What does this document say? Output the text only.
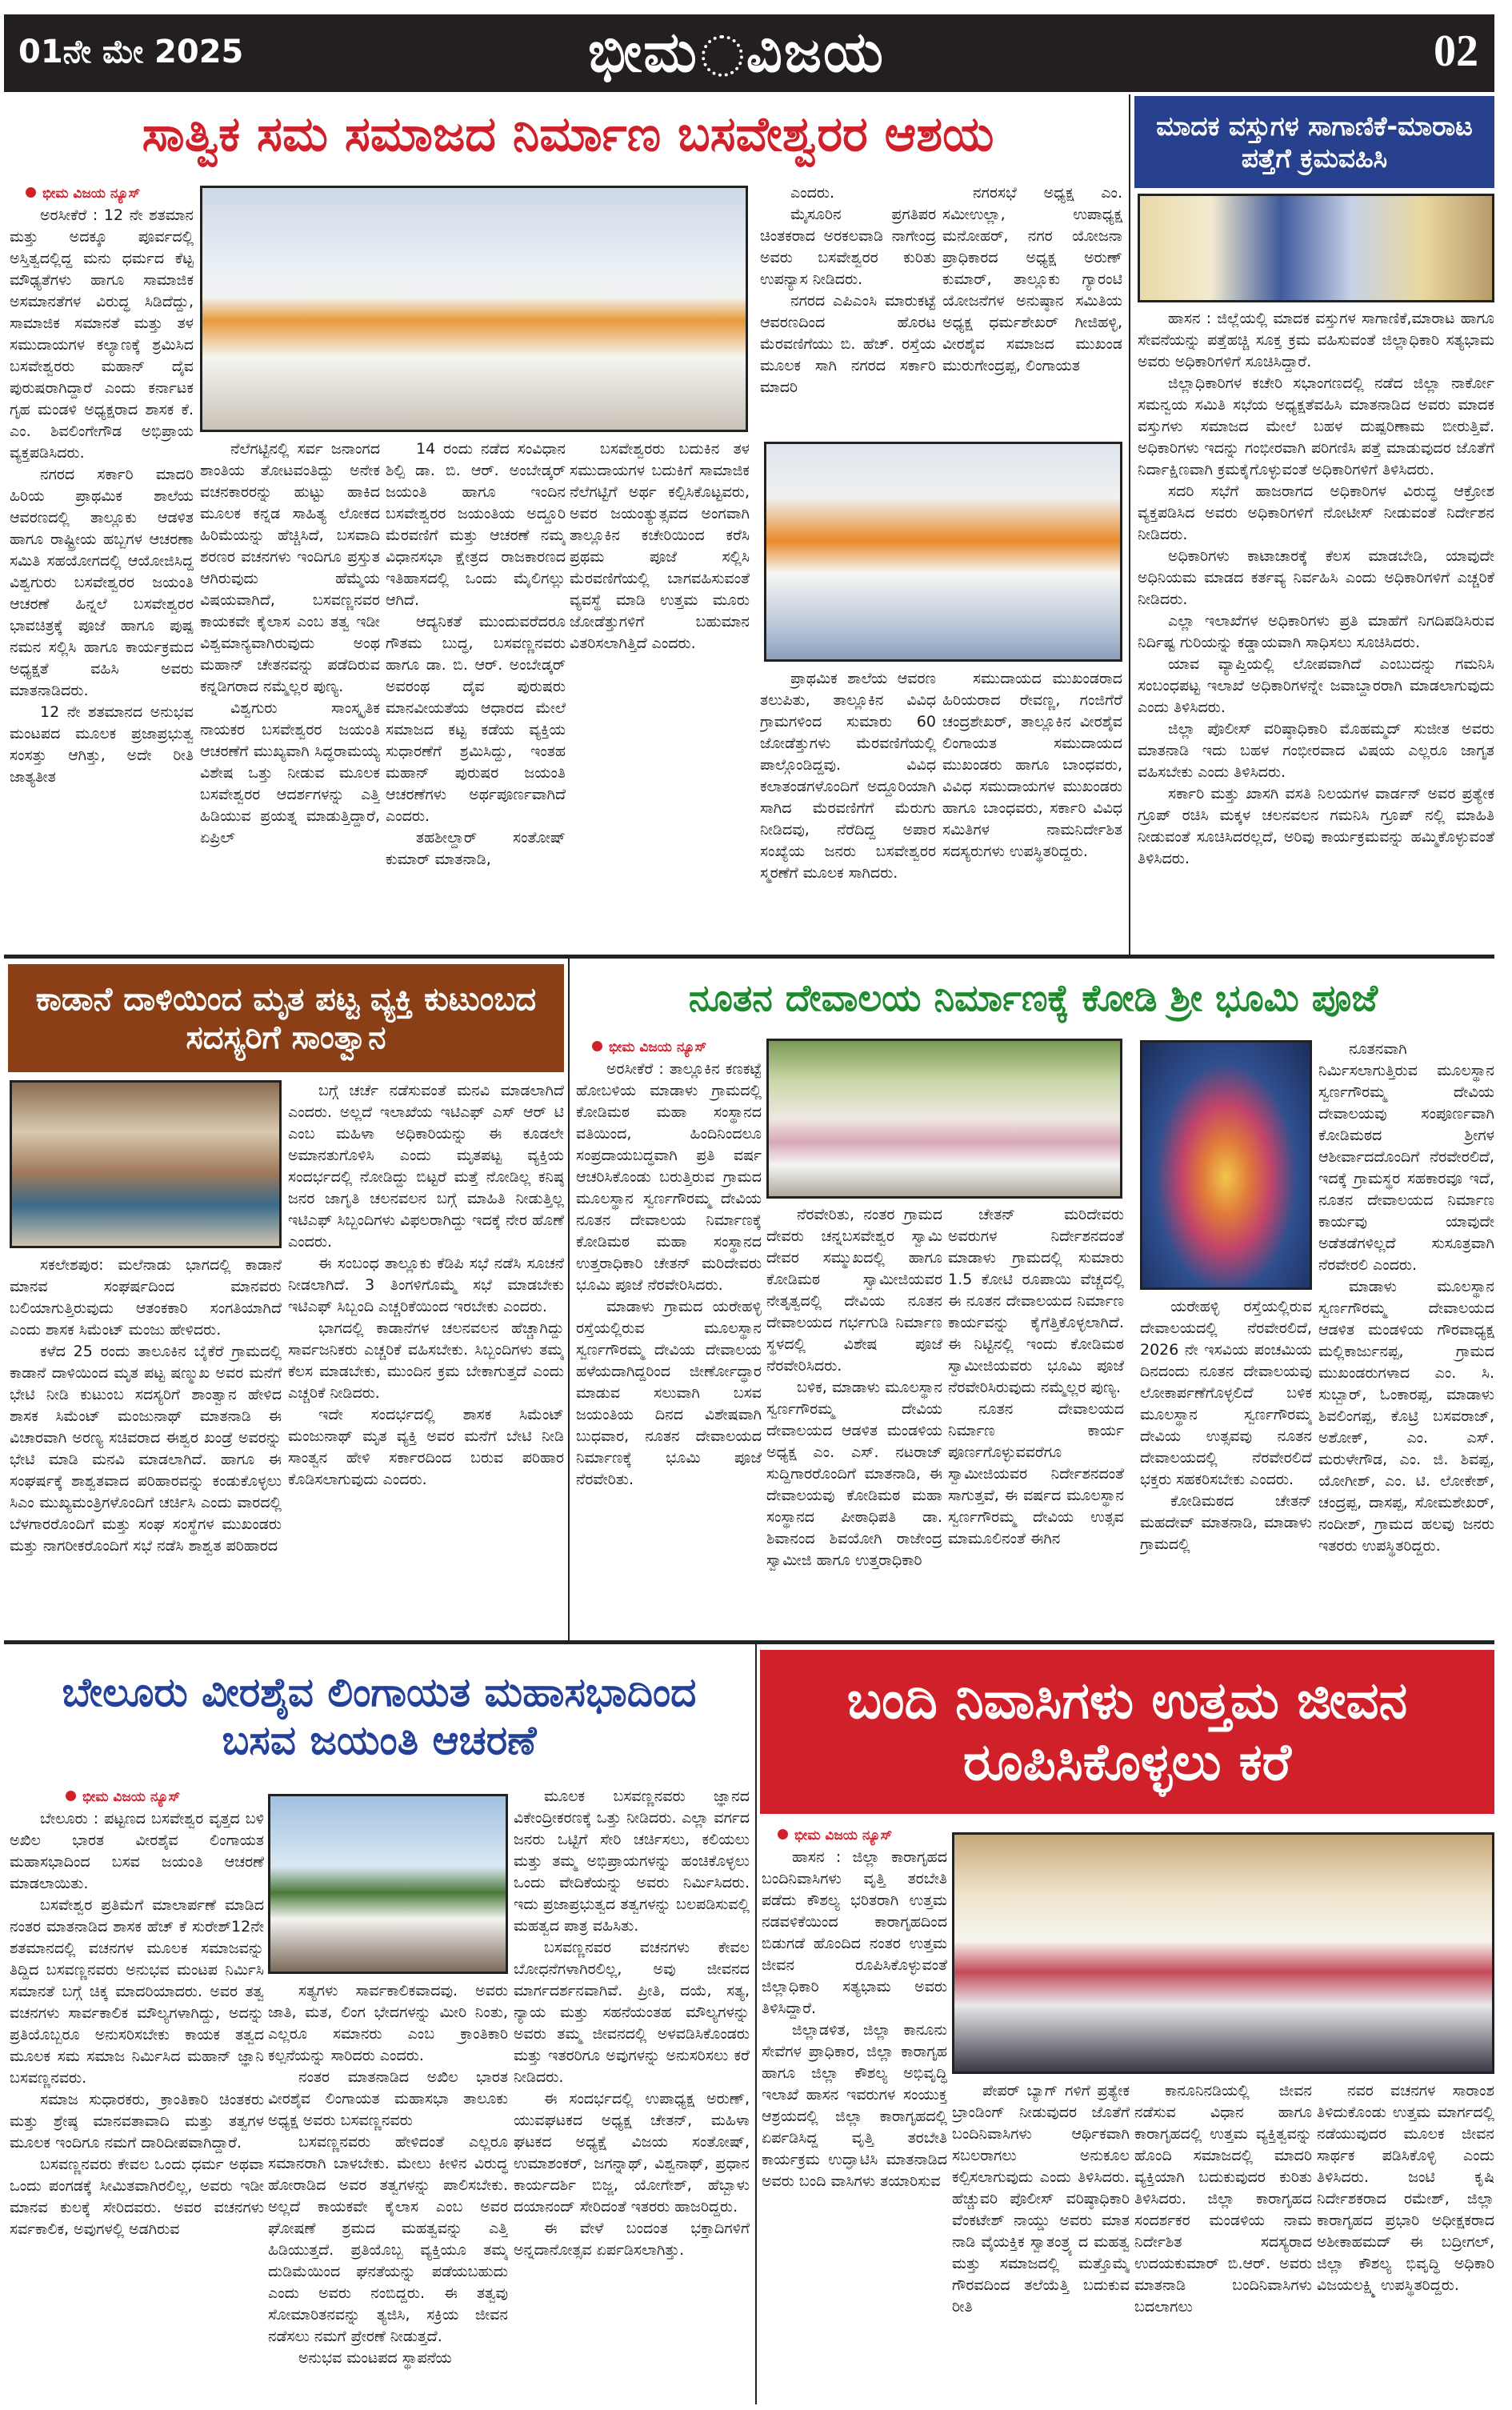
01ನೇ ಮೇ 2025	ಭೀಮ ವಿಜಯ	02
ಸಾತ್ವಿಕ ಸಮ ಸಮಾಜದ ನಿರ್ಮಾಣ ಬಸವೇಶ್ವರರ ಆಶಯ
ಭೀಮ ವಿಜಯ ನ್ಯೂಸ್

ಅರಸೀಕೆರೆ : 12 ನೇ ಶತಮಾನ ಮತ್ತು ಅದಕ್ಕೂ ಪೂರ್ವದಲ್ಲಿ ಅಸ್ತಿತ್ವದಲ್ಲಿದ್ದ ಮನು ಧರ್ಮದ ಕೆಟ್ಟ ಮೌಢ್ಯತೆಗಳು ಹಾಗೂ ಸಾಮಾಜಿಕ ಅಸಮಾನತೆಗಳ ವಿರುದ್ಧ ಸಿಡಿದೆದ್ದು, ಸಾಮಾಜಿಕ ಸಮಾನತೆ ಮತ್ತು ತಳ ಸಮುದಾಯಗಳ ಕಲ್ಯಾಣಕ್ಕೆ ಶ್ರಮಿಸಿದ ಬಸವೇಶ್ವರರು ಮಹಾನ್ ದೈವ ಪುರುಷರಾಗಿದ್ದಾರೆ ಎಂದು ಕರ್ನಾಟಕ ಗೃಹ ಮಂಡಳಿ ಅಧ್ಯಕ್ಷರಾದ ಶಾಸಕ ಕೆ. ಎಂ. ಶಿವಲಿಂಗೇಗೌಡ ಅಭಿಪ್ರಾಯ ವ್ಯಕ್ತಪಡಿಸಿದರು.

ನಗರದ ಸರ್ಕಾರಿ ಮಾದರಿ ಹಿರಿಯ ಪ್ರಾಥಮಿಕ ಶಾಲೆಯ ಆವರಣದಲ್ಲಿ ತಾಲ್ಲೂಕು ಆಡಳಿತ ಹಾಗೂ ರಾಷ್ಟ್ರೀಯ ಹಬ್ಬಗಳ ಆಚರಣಾ ಸಮಿತಿ ಸಹಯೋಗದಲ್ಲಿ ಆಯೋಜಿಸಿದ್ದ ವಿಶ್ವಗುರು ಬಸವೇಶ್ವರರ ಜಯಂತಿ ಆಚರಣೆ ಹಿನ್ನಲೆ ಬಸವೇಶ್ವರರ ಭಾವಚಿತ್ರಕ್ಕೆ ಪೂಜೆ ಹಾಗೂ ಪುಷ್ಪ ನಮನ ಸಲ್ಲಿಸಿ ಹಾಗೂ ಕಾರ್ಯಕ್ರಮದ ಅಧ್ಯಕ್ಷತೆ ವಹಿಸಿ ಅವರು ಮಾತನಾಡಿದರು.

12 ನೇ ಶತಮಾನದ ಅನುಭವ ಮಂಟಪದ ಮೂಲಕ ಪ್ರಜಾಪ್ರಭುತ್ವ ಸಂಸತ್ತು ಆಗಿತ್ತು, ಅದೇ ರೀತಿ ಜಾತ್ಯತೀತ

ನೆಲೆಗಟ್ಟಿನಲ್ಲಿ ಸರ್ವ ಜನಾಂಗದ ಶಾಂತಿಯ ತೋಟವಂತಿದ್ದು ಅನೇಕ ವಚನಕಾರರನ್ನು ಹುಟ್ಟು ಹಾಕಿದ ಮೂಲಕ ಕನ್ನಡ ಸಾಹಿತ್ಯ ಲೋಕದ ಹಿರಿಮೆಯನ್ನು ಹೆಚ್ಚಿಸಿದೆ, ಬಸವಾದಿ ಶರಣರ ವಚನಗಳು ಇಂದಿಗೂ ಪ್ರಸ್ತುತ ಆಗಿರುವುದು ಹೆಮ್ಮೆಯ ವಿಷಯವಾಗಿದೆ, ಬಸವಣ್ಣನವರ ಕಾಯಕವೇ ಕೈಲಾಸ ಎಂಬ ತತ್ವ ಇಡೀ ವಿಶ್ವಮಾನ್ಯವಾಗಿರುವುದು ಅಂಥ ಮಹಾನ್ ಚೇತನವನ್ನು ಪಡೆದಿರುವ ಕನ್ನಡಿಗರಾದ ನಮ್ಮೆಲ್ಲರ ಪುಣ್ಯ.

ವಿಶ್ವಗುರು ಸಾಂಸ್ಕೃತಿಕ ನಾಯಕರ ಬಸವೇಶ್ವರರ ಜಯಂತಿ ಆಚರಣೆಗೆ ಮುಖ್ಯವಾಗಿ ಸಿದ್ಧರಾಮಯ್ಯ ವಿಶೇಷ ಒತ್ತು ನೀಡುವ ಮೂಲಕ ಬಸವೇಶ್ವರರ ಆದರ್ಶಗಳನ್ನು ಎತ್ತಿ ಹಿಡಿಯುವ ಪ್ರಯತ್ನ ಮಾಡುತ್ತಿದ್ದಾರೆ, ಏಪ್ರಿಲ್

14 ರಂದು ನಡೆದ ಸಂವಿಧಾನ ಶಿಲ್ಪಿ ಡಾ. ಬಿ. ಆರ್. ಅಂಬೇಡ್ಕರ್ ಜಯಂತಿ ಹಾಗೂ ಇಂದಿನ ಬಸವೇಶ್ವರರ ಜಯಂತಿಯ ಅದ್ದೂರಿ ಮೆರವಣಿಗೆ ಮತ್ತು ಆಚರಣೆ ನಮ್ಮ ವಿಧಾನಸಭಾ ಕ್ಷೇತ್ರದ ರಾಜಕಾರಣದ ಇತಿಹಾಸದಲ್ಲಿ ಒಂದು ಮೈಲಿಗಲ್ಲು ಆಗಿದೆ.

ಆದ್ಯನಿಕತೆ ಮುಂದುವರೆದರೂ ಗೌತಮ ಬುದ್ಧ, ಬಸವಣ್ಣನವರು ಹಾಗೂ ಡಾ. ಬಿ. ಆರ್. ಅಂಬೇಡ್ಕರ್ ಅವರಂಥ ದೈವ ಪುರುಷರು ಮಾನವೀಯತೆಯ ಆಧಾರದ ಮೇಲೆ ಸಮಾಜದ ಕಟ್ಟ ಕಡೆಯ ವ್ಯಕ್ತಿಯ ಸುಧಾರಣೆಗೆ ಶ್ರಮಿಸಿದ್ದು, ಇಂತಹ ಮಹಾನ್ ಪುರುಷರ ಜಯಂತಿ ಆಚರಣೆಗಳು ಅರ್ಥಪೂರ್ಣವಾಗಿದೆ ಎಂದರು.

ತಹಶೀಲ್ದಾರ್ ಸಂತೋಷ್ ಕುಮಾರ್ ಮಾತನಾಡಿ,

ಬಸವೇಶ್ವರರು ಬದುಕಿನ ತಳ ಸಮುದಾಯಗಳ ಬದುಕಿಗೆ ಸಾಮಾಜಿಕ ನೆಲೆಗಟ್ಟಿಗೆ ಅರ್ಥ ಕಲ್ಪಿಸಿಕೊಟ್ಟವರು, ಅವರ ಜಯಂತ್ಯುತ್ಸವದ ಅಂಗವಾಗಿ ತಾಲ್ಲೂಕಿನ ಕಚೇರಿಯಿಂದ ಕರೆಸಿ ಪ್ರಥಮ ಪೂಜೆ ಸಲ್ಲಿಸಿ ಮೆರವಣಿಗೆಯಲ್ಲಿ ಬಾಗವಹಿಸುವಂತೆ ವ್ಯವಸ್ಥೆ ಮಾಡಿ ಉತ್ತಮ ಮೂರು ಜೋಡೆತ್ತುಗಳಿಗೆ ಬಹುಮಾನ ವಿತರಿಸಲಾಗಿತ್ತಿದೆ ಎಂದರು.

ಎಂದರು.

ಮೈಸೂರಿನ ಪ್ರಗತಿಪರ ಚಿಂತಕರಾದ ಅರಕಲವಾಡಿ ನಾಗೇಂದ್ರ ಅವರು ಬಸವೇಶ್ವರರ ಕುರಿತು ಉಪನ್ಯಾಸ ನೀಡಿದರು.

ನಗರದ ಎಪಿಎಂಸಿ ಮಾರುಕಟ್ಟೆ ಆವರಣದಿಂದ ಹೊರಟ ಮೆರವಣಿಗೆಯು ಬಿ. ಹೆಚ್. ರಸ್ತೆಯ ಮೂಲಕ ಸಾಗಿ ನಗರದ ಸರ್ಕಾರಿ ಮಾದರಿ

ನಗರಸಭೆ ಅಧ್ಯಕ್ಷ ಎಂ. ಸಮೀಉಲ್ಲಾ, ಉಪಾಧ್ಯಕ್ಷ ಮನೋಹರ್, ನಗರ ಯೋಜನಾ ಪ್ರಾಧಿಕಾರದ ಅಧ್ಯಕ್ಷ ಅರುಣ್ ಕುಮಾರ್, ತಾಲ್ಲೂಕು ಗ್ಯಾರಂಟಿ ಯೋಜನೆಗಳ ಅನುಷ್ಠಾನ ಸಮಿತಿಯ ಅಧ್ಯಕ್ಷ ಧರ್ಮಶೇಖರ್ ಗೀಜಿಹಳ್ಳಿ, ವೀರಶೈವ ಸಮಾಜದ ಮುಖಂಡ ಮುರುಗೇಂದ್ರಪ್ಪ, ಲಿಂಗಾಯತ

ಪ್ರಾಥಮಿಕ ಶಾಲೆಯ ಆವರಣ ತಲುಪಿತು, ತಾಲ್ಲೂಕಿನ ವಿವಿಧ ಗ್ರಾಮಗಳಿಂದ ಸುಮಾರು 60 ಜೋಡೆತ್ತುಗಳು ಮೆರವಣಿಗೆಯಲ್ಲಿ ಪಾಲ್ಗೊಂಡಿದ್ದವು. ವಿವಿಧ ಕಲಾತಂಡಗಳೊಂದಿಗೆ ಅದ್ದೂರಿಯಾಗಿ ಸಾಗಿದ ಮೆರವಣಿಗೆಗೆ ಮೆರುಗು ನೀಡಿದವು, ನೆರೆದಿದ್ದ ಅಪಾರ ಸಂಖ್ಯೆಯ ಜನರು ಬಸವೇಶ್ವರರ ಸ್ಮರಣೆಗೆ ಮೂಲಕ ಸಾಗಿದರು.

ಸಮುದಾಯದ ಮುಖಂಡರಾದ ಹಿರಿಯರಾದ ರೇವಣ್ಣ, ಗಂಜಿಗೆರೆ ಚಂದ್ರಶೇಖರ್, ತಾಲ್ಲೂಕಿನ ವೀರಶೈವ ಲಿಂಗಾಯತ ಸಮುದಾಯದ ಮುಖಂಡರು ಹಾಗೂ ಬಾಂಧವರು, ವಿವಿಧ ಸಮುದಾಯಗಳ ಮುಖಂಡರು ಹಾಗೂ ಬಾಂಧವರು, ಸರ್ಕಾರಿ ವಿವಿಧ ಸಮಿತಿಗಳ ನಾಮನಿರ್ದೇಶಿತ ಸದಸ್ಯರುಗಳು ಉಪಸ್ಥಿತರಿದ್ದರು.

ಮಾದಕ ವಸ್ತುಗಳ ಸಾಗಾಣಿಕೆ-ಮಾರಾಟ ಪತ್ತೆಗೆ ಕ್ರಮವಹಿಸಿ

ಹಾಸನ : ಜಿಲ್ಲೆಯಲ್ಲಿ ಮಾದಕ ವಸ್ತುಗಳ ಸಾಗಾಣಿಕೆ,ಮಾರಾಟ ಹಾಗೂ ಸೇವನೆಯನ್ನು ಪತ್ತೆಹಚ್ಚಿ ಸೂಕ್ತ ಕ್ರಮ ವಹಿಸುವಂತೆ ಜಿಲ್ಲಾಧಿಕಾರಿ ಸತ್ಯಭಾಮ ಅವರು ಅಧಿಕಾರಿಗಳಿಗೆ ಸೂಚಿಸಿದ್ದಾರೆ.

ಜಿಲ್ಲಾಧಿಕಾರಿಗಳ ಕಚೇರಿ ಸಭಾಂಗಣದಲ್ಲಿ ನಡೆದ ಜಿಲ್ಲಾ ನಾರ್ಕೋ ಸಮನ್ವಯ ಸಮಿತಿ ಸಭೆಯ ಅಧ್ಯಕ್ಷತೆವಹಿಸಿ ಮಾತನಾಡಿದ ಅವರು ಮಾದಕ ವಸ್ತುಗಳು ಸಮಾಜದ ಮೇಲೆ ಬಹಳ ದುಷ್ಪರಿಣಾಮ ಬೀರುತ್ತಿವೆ. ಅಧಿಕಾರಿಗಳು ಇದನ್ನು ಗಂಭೀರವಾಗಿ ಪರಿಗಣಿಸಿ ಪತ್ತೆ ಮಾಡುವುದರ ಜೊತೆಗೆ ನಿರ್ದಾಕ್ಷಿಣವಾಗಿ ಕ್ರಮಕೈಗೊಳ್ಳುವಂತೆ ಅಧಿಕಾರಿಗಳಿಗೆ ತಿಳಿಸಿದರು.

ಸದರಿ ಸಭೆಗೆ ಹಾಜರಾಗದ ಅಧಿಕಾರಿಗಳ ವಿರುದ್ಧ ಆಕ್ರೋಶ ವ್ಯಕ್ತಪಡಿಸಿದ ಅವರು ಅಧಿಕಾರಿಗಳಿಗೆ ನೋಟೀಸ್ ನೀಡುವಂತೆ ನಿರ್ದೇಶನ ನೀಡಿದರು.

ಅಧಿಕಾರಿಗಳು ಕಾಟಾಚಾರಕ್ಕೆ ಕೆಲಸ ಮಾಡಬೇಡಿ, ಯಾವುದೇ ಅಧಿನಿಯಮ ಮಾಡದ ಕರ್ತವ್ಯ ನಿರ್ವಹಿಸಿ ಎಂದು ಅಧಿಕಾರಿಗಳಿಗೆ ಎಚ್ಚರಿಕೆ ನೀಡಿದರು.

ಎಲ್ಲಾ ಇಲಾಖೆಗಳ ಅಧಿಕಾರಿಗಳು ಪ್ರತಿ ಮಾಹೆಗೆ ನಿಗದಿಪಡಿಸಿರುವ ನಿರ್ದಿಷ್ಟ ಗುರಿಯನ್ನು ಕಡ್ಡಾಯವಾಗಿ ಸಾಧಿಸಲು ಸೂಚಿಸಿದರು.

ಯಾವ ವ್ಯಾಪ್ತಿಯಲ್ಲಿ ಲೋಪವಾಗಿದೆ ಎಂಬುದನ್ನು ಗಮನಿಸಿ ಸಂಬಂಧಪಟ್ಟ ಇಲಾಖೆ ಅಧಿಕಾರಿಗಳನ್ನೇ ಜವಾಬ್ದಾರರಾಗಿ ಮಾಡಲಾಗುವುದು ಎಂದು ತಿಳಿಸಿದರು.

ಜಿಲ್ಲಾ ಪೊಲೀಸ್ ವರಿಷ್ಠಾಧಿಕಾರಿ ಮೊಹಮ್ಮದ್ ಸುಜೀತ ಅವರು ಮಾತನಾಡಿ ಇದು ಬಹಳ ಗಂಭೀರವಾದ ವಿಷಯ ಎಲ್ಲರೂ ಜಾಗೃತ ವಹಿಸಬೇಕು ಎಂದು ತಿಳಿಸಿದರು.

ಸರ್ಕಾರಿ ಮತ್ತು ಖಾಸಗಿ ವಸತಿ ನಿಲಯಗಳ ವಾರ್ಡನ್ ಅವರ ಪ್ರತ್ಯೇಕ ಗ್ರೂಪ್ ರಚಿಸಿ ಮಕ್ಕಳ ಚಲನವಲನ ಗಮನಿಸಿ ಗ್ರೂಪ್ ನಲ್ಲಿ ಮಾಹಿತಿ ನೀಡುವಂತೆ ಸೂಚಿಸಿದರಲ್ಲದೆ, ಅರಿವು ಕಾರ್ಯಕ್ರಮವನ್ನು ಹಮ್ಮಿಕೊಳ್ಳುವಂತೆ ತಿಳಿಸಿದರು.

ಕಾಡಾನೆ ದಾಳಿಯಿಂದ ಮೃತ ಪಟ್ಟ ವ್ಯಕ್ತಿ ಕುಟುಂಬದ ಸದಸ್ಯರಿಗೆ ಸಾಂತ್ವಾನ

ಬಗ್ಗೆ ಚರ್ಚೆ ನಡೆಸುವಂತೆ ಮನವಿ ಮಾಡಲಾಗಿದೆ ಎಂದರು. ಅಲ್ಲದೆ ಇಲಾಖೆಯ ಇಟಿಎಫ್ ಎಸ್ ಆರ್ ಟಿ ಎಂಬ ಮಹಿಳಾ ಅಧಿಕಾರಿಯನ್ನು ಈ ಕೂಡಲೇ ಅಮಾನತುಗೊಳಿಸಿ ಎಂದು ಮೃತಪಟ್ಟ ವ್ಯಕ್ತಿಯ ಸಂದರ್ಭದಲ್ಲಿ ನೋಡಿದ್ದು ಬಿಟ್ಟರೆ ಮತ್ತೆ ನೋಡಿಲ್ಲ ಕನಿಷ್ಠ ಜನರ ಜಾಗೃತಿ ಚಲನವಲನ ಬಗ್ಗೆ ಮಾಹಿತಿ ನೀಡುತ್ತಿಲ್ಲ ಇಟಿಎಫ್ ಸಿಬ್ಬಂದಿಗಳು ವಿಫಲರಾಗಿದ್ದು ಇದಕ್ಕೆ ನೇರ ಹೊಣೆ ಎಂದರು.

ಈ ಸಂಬಂಧ ತಾಲ್ಲೂಕು ಕೆಡಿಪಿ ಸಭೆ ನಡೆಸಿ ಸೂಚನೆ ನೀಡಲಾಗಿದೆ. 3 ತಿಂಗಳಿಗೊಮ್ಮೆ ಸಭೆ ಮಾಡಬೇಕು ಇಟಿಎಫ್ ಸಿಬ್ಬಂದಿ ಎಚ್ಚರಿಕೆಯಿಂದ ಇರಬೇಕು ಎಂದರು.

ಭಾಗದಲ್ಲಿ ಕಾಡಾನೆಗಳ ಚಲನವಲನ ಹೆಚ್ಚಾಗಿದ್ದು ಸಾರ್ವಜನಿಕರು ಎಚ್ಚರಿಕೆ ವಹಿಸಬೇಕು. ಸಿಬ್ಬಂದಿಗಳು ತಮ್ಮ ಕೆಲಸ ಮಾಡಬೇಕು, ಮುಂದಿನ ಕ್ರಮ ಬೇಕಾಗುತ್ತದೆ ಎಂದು ಎಚ್ಚರಿಕೆ ನೀಡಿದರು.

ಇದೇ ಸಂದರ್ಭದಲ್ಲಿ ಶಾಸಕ ಸಿಮೆಂಟ್ ಮಂಜುನಾಥ್ ಮೃತ ವ್ಯಕ್ತಿ ಅವರ ಮನೆಗೆ ಬೇಟಿ ನೀಡಿ ಸಾಂತ್ವನ ಹೇಳಿ ಸರ್ಕಾರದಿಂದ ಬರುವ ಪರಿಹಾರ ಕೊಡಿಸಲಾಗುವುದು ಎಂದರು.

ಸಕಲೇಶಪುರ: ಮಲೆನಾಡು ಭಾಗದಲ್ಲಿ ಕಾಡಾನೆ ಮಾನವ ಸಂಘರ್ಷದಿಂದ ಮಾನವರು ಬಲಿಯಾಗುತ್ತಿರುವುದು ಆತಂಕಕಾರಿ ಸಂಗತಿಯಾಗಿದೆ ಎಂದು ಶಾಸಕ ಸಿಮೆಂಟ್ ಮಂಜು ಹೇಳಿದರು.

ಕಳೆದ 25 ರಂದು ತಾಲೂಕಿನ ಬೈಕೆರೆ ಗ್ರಾಮದಲ್ಲಿ ಕಾಡಾನೆ ದಾಳಿಯಿಂದ ಮೃತ ಪಟ್ಟ ಷಣ್ಮುಖ ಅವರ ಮನೆಗೆ ಭೇಟಿ ನೀಡಿ ಕುಟುಂಬ ಸದಸ್ಯರಿಗೆ ಶಾಂತ್ವಾನ ಹೇಳಿದ ಶಾಸಕ ಸಿಮೆಂಟ್ ಮಂಜುನಾಥ್ ಮಾತನಾಡಿ ಈ ವಿಚಾರವಾಗಿ ಅರಣ್ಯ ಸಚಿವರಾದ ಈಶ್ವರ ಖಂಡ್ರೆ ಅವರನ್ನು ಭೇಟಿ ಮಾಡಿ ಮನವಿ ಮಾಡಲಾಗಿದೆ. ಹಾಗೂ ಈ ಸಂಘರ್ಷಕ್ಕೆ ಶಾಶ್ವತವಾದ ಪರಿಹಾರವನ್ನು ಕಂಡುಕೊಳ್ಳಲು ಸಿಎಂ ಮುಖ್ಯಮಂತ್ರಿಗಳೊಂದಿಗೆ ಚರ್ಚಿಸಿ ಎಂದು ವಾರದಲ್ಲಿ ಬೆಳಗಾರರೊಂದಿಗೆ ಮತ್ತು ಸಂಘ ಸಂಸ್ಥೆಗಳ ಮುಖಂಡರು ಮತ್ತು ನಾಗರೀಕರೊಂದಿಗೆ ಸಭೆ ನಡೆಸಿ ಶಾಶ್ವತ ಪರಿಹಾರದ

ನೂತನ ದೇವಾಲಯ ನಿರ್ಮಾಣಕ್ಕೆ ಕೋಡಿ ಶ್ರೀ ಭೂಮಿ ಪೂಜೆ
ಭೀಮ ವಿಜಯ ನ್ಯೂಸ್

ಅರಸೀಕೆರೆ : ತಾಲ್ಲೂಕಿನ ಕಣಕಟ್ಟೆ ಹೋಬಳಿಯ ಮಾಡಾಳು ಗ್ರಾಮದಲ್ಲಿ ಕೋಡಿಮಠ ಮಹಾ ಸಂಸ್ಥಾನದ ವತಿಯಿಂದ, ಹಿಂದಿನಿಂದಲೂ ಸಂಪ್ರದಾಯಬದ್ಧವಾಗಿ ಪ್ರತಿ ವರ್ಷ ಆಚರಿಸಿಕೊಂಡು ಬರುತ್ತಿರುವ ಗ್ರಾಮದ ಮೂಲಸ್ಥಾನ ಸ್ವರ್ಣಗೌರಮ್ಮ ದೇವಿಯ ನೂತನ ದೇವಾಲಯ ನಿರ್ಮಾಣಕ್ಕೆ ಕೋಡಿಮಠ ಮಹಾ ಸಂಸ್ಥಾನದ ಉತ್ತರಾಧಿಕಾರಿ ಚೇತನ್ ಮರಿದೇವರು ಭೂಮಿ ಪೂಜೆ ನೆರವೇರಿಸಿದರು.

ಮಾಡಾಳು ಗ್ರಾಮದ ಯರೇಹಳ್ಳಿ ರಸ್ತೆಯಲ್ಲಿರುವ ಮೂಲಸ್ಥಾನ ಸ್ವರ್ಣಗೌರಮ್ಮ ದೇವಿಯ ದೇವಾಲಯ ಹಳೆಯದಾಗಿದ್ದರಿಂದ ಜೀರ್ಣೋದ್ಧಾರ ಮಾಡುವ ಸಲುವಾಗಿ ಬಸವ ಜಯಂತಿಯ ದಿನದ ವಿಶೇಷವಾಗಿ ಬುಧವಾರ, ನೂತನ ದೇವಾಲಯದ ನಿರ್ಮಾಣಕ್ಕೆ ಭೂಮಿ ಪೂಜೆ ನೆರವೇರಿತು.

ನೆರವೇರಿತು, ನಂತರ ಗ್ರಾಮದ ದೇವರು ಚನ್ನಬಸವೇಶ್ವರ ಸ್ವಾಮಿ ದೇವರ ಸಮ್ಮುಖದಲ್ಲಿ ಹಾಗೂ ಕೋಡಿಮಠ ಸ್ವಾಮೀಜಿಯವರ ನೇತೃತ್ವದಲ್ಲಿ ದೇವಿಯ ನೂತನ ದೇವಾಲಯದ ಗರ್ಭಗುಡಿ ನಿರ್ಮಾಣ ಸ್ಥಳದಲ್ಲಿ ವಿಶೇಷ ಪೂಜೆ ನೆರವೇರಿಸಿದರು.

ಬಳಿಕ, ಮಾಡಾಳು ಮೂಲಸ್ಥಾನ ಸ್ವರ್ಣಗೌರಮ್ಮ ದೇವಿಯ ದೇವಾಲಯದ ಆಡಳಿತ ಮಂಡಳಿಯ ಅಧ್ಯಕ್ಷ ಎಂ. ಎಸ್. ನಟರಾಜ್ ಸುದ್ದಿಗಾರರೊಂದಿಗೆ ಮಾತನಾಡಿ, ಈ ದೇವಾಲಯವು ಕೋಡಿಮಠ ಮಹಾ ಸಂಸ್ಥಾನದ ಪೀಠಾಧಿಪತಿ ಡಾ. ಶಿವಾನಂದ ಶಿವಯೋಗಿ ರಾಜೇಂದ್ರ ಸ್ವಾಮೀಜಿ ಹಾಗೂ ಉತ್ತರಾಧಿಕಾರಿ

ಚೇತನ್ ಮರಿದೇವರು ಅವರುಗಳ ನಿರ್ದೇಶನದಂತೆ ಮಾಡಾಳು ಗ್ರಾಮದಲ್ಲಿ ಸುಮಾರು 1.5 ಕೋಟಿ ರೂಪಾಯಿ ವೆಚ್ಚದಲ್ಲಿ ಈ ನೂತನ ದೇವಾಲಯದ ನಿರ್ಮಾಣ ಕಾರ್ಯವನ್ನು ಕೈಗೆತ್ತಿಕೊಳ್ಳಲಾಗಿದೆ. ಈ ನಿಟ್ಟಿನಲ್ಲಿ ಇಂದು ಕೋಡಿಮಠ ಸ್ವಾಮೀಜಿಯವರು ಭೂಮಿ ಪೂಜೆ ನೆರವೇರಿಸಿರುವುದು ನಮ್ಮೆಲ್ಲರ ಪುಣ್ಯ.

ನೂತನ ದೇವಾಲಯದ ನಿರ್ಮಾಣ ಕಾರ್ಯ ಪೂರ್ಣಗೊಳ್ಳುವವರೆಗೂ ಸ್ವಾಮೀಜಿಯವರ ನಿರ್ದೇಶನದಂತೆ ಸಾಗುತ್ತವೆ, ಈ ವರ್ಷದ ಮೂಲಸ್ಥಾನ ಸ್ವರ್ಣಗೌರಮ್ಮ ದೇವಿಯ ಉತ್ಸವ ಮಾಮೂಲಿನಂತೆ ಈಗಿನ

ನೂತನವಾಗಿ ನಿರ್ಮಿಸಲಾಗುತ್ತಿರುವ ಮೂಲಸ್ಥಾನ ಸ್ವರ್ಣಗೌರಮ್ಮ ದೇವಿಯ ದೇವಾಲಯವು ಸಂಪೂರ್ಣವಾಗಿ ಕೋಡಿಮಠದ ಶ್ರೀಗಳ ಆಶೀರ್ವಾದದೊಂದಿಗೆ ನೆರವೇರಲಿದೆ, ಇದಕ್ಕೆ ಗ್ರಾಮಸ್ಥರ ಸಹಕಾರವೂ ಇದೆ, ನೂತನ ದೇವಾಲಯದ ನಿರ್ಮಾಣ ಕಾರ್ಯವು ಯಾವುದೇ ಅಡೆತಡೆಗಳಿಲ್ಲದೆ ಸುಸೂತ್ರವಾಗಿ ನೆರವೇರಲಿ ಎಂದರು.

ಮಾಡಾಳು ಮೂಲಸ್ಥಾನ ಸ್ವರ್ಣಗೌರಮ್ಮ ದೇವಾಲಯದ ಆಡಳಿತ ಮಂಡಳಿಯ ಗೌರವಾಧ್ಯಕ್ಷ ಮಲ್ಲಿಕಾರ್ಜುನಪ್ಪ, ಗ್ರಾಮದ ಮುಖಂಡರುಗಳಾದ ಎಂ. ಸಿ. ಸುಬ್ಬಾರ್, ಓಂಕಾರಪ್ಪ, ಮಾಡಾಳು ಶಿವಲಿಂಗಪ್ಪ, ಕೊಟ್ರಿ ಬಸವರಾಜ್, ಅಶೋಕ್, ಎಂ. ಎಸ್. ಮರುಳೇಗೌಡ, ಎಂ. ಜಿ. ಶಿವಪ್ಪ, ಯೋಗೀಶ್, ಎಂ. ಟಿ. ಲೋಕೇಶ್, ಚಂದ್ರಪ್ಪ, ದಾಸಪ್ಪ, ಸೋಮಶೇಖರ್, ನಂದೀಶ್, ಗ್ರಾಮದ ಹಲವು ಜನರು ಇತರರು ಉಪಸ್ಥಿತರಿದ್ದರು.

ಯರೇಹಳ್ಳಿ ರಸ್ತೆಯಲ್ಲಿರುವ ದೇವಾಲಯದಲ್ಲಿ ನೆರವೇರಲಿದೆ, 2026 ನೇ ಇಸವಿಯ ಪಂಚಮಿಯ ದಿನದಂದು ನೂತನ ದೇವಾಲಯವು ಲೋಕಾರ್ಪಣೆಗೊಳ್ಳಲಿದೆ ಬಳಿಕ ಮೂಲಸ್ಥಾನ ಸ್ವರ್ಣಗೌರಮ್ಮ ದೇವಿಯ ಉತ್ಸವವು ನೂತನ ದೇವಾಲಯದಲ್ಲಿ ನೆರವೇರಲಿದೆ ಭಕ್ತರು ಸಹಕರಿಸಬೇಕು ಎಂದರು.

ಕೋಡಿಮಠದ ಚೇತನ್ ಮಹದೇವ್ ಮಾತನಾಡಿ, ಮಾಡಾಳು ಗ್ರಾಮದಲ್ಲಿ

ಬೇಲೂರು ವೀರಶೈವ ಲಿಂಗಾಯತ ಮಹಾಸಭಾದಿಂದ ಬಸವ ಜಯಂತಿ ಆಚರಣೆ
ಭೀಮ ವಿಜಯ ನ್ಯೂಸ್

ಬೇಲೂರು : ಪಟ್ಟಣದ ಬಸವೇಶ್ವರ ವೃತ್ತದ ಬಳಿ ಅಖಿಲ ಭಾರತ ವೀರಶೈವ ಲಿಂಗಾಯತ ಮಹಾಸಭಾದಿಂದ ಬಸವ ಜಯಂತಿ ಆಚರಣೆ ಮಾಡಲಾಯಿತು.

ಬಸವೇಶ್ವರ ಪ್ರತಿಮೆಗೆ ಮಾಲಾರ್ಪಣೆ ಮಾಡಿದ ನಂತರ ಮಾತನಾಡಿದ ಶಾಸಕ ಹೆಚ್ ಕೆ ಸುರೇಶ್12ನೇ ಶತಮಾನದಲ್ಲಿ ವಚನಗಳ ಮೂಲಕ ಸಮಾಜವನ್ನು ತಿದ್ದಿದ ಬಸವಣ್ಣನವರು ಅನುಭವ ಮಂಟಪ ನಿರ್ಮಿಸಿ ಸಮಾನತೆ ಬಗ್ಗೆ ಚಿಕ್ಕ ಮಾದರಿಯಾದರು. ಅವರ ತತ್ವ ವಚನಗಳು ಸಾರ್ವಕಾಲಿಕ ಮೌಲ್ಯಗಳಾಗಿದ್ದು, ಅದನ್ನು ಪ್ರತಿಯೊಬ್ಬರೂ ಅನುಸರಿಸಬೇಕು ಕಾಯಕ ತತ್ವದ ಮೂಲಕ ಸಮ ಸಮಾಜ ನಿರ್ಮಿಸಿದ ಮಹಾನ್ ಜ್ಞಾನಿ ಬಸವಣ್ಣನವರು.

ಸಮಾಜ ಸುಧಾರಕರು, ಕ್ರಾಂತಿಕಾರಿ ಚಿಂತಕರು ಮತ್ತು ಶ್ರೇಷ್ಠ ಮಾನವತಾವಾದಿ ಮತ್ತು ತತ್ವಗಳ ಮೂಲಕ ಇಂದಿಗೂ ನಮಗೆ ದಾರಿದೀಪವಾಗಿದ್ದಾರೆ.

ಬಸವಣ್ಣನವರು ಕೇವಲ ಒಂದು ಧರ್ಮ ಅಥವಾ ಒಂದು ಪಂಗಡಕ್ಕೆ ಸೀಮಿತವಾಗಿರಲಿಲ್ಲ, ಅವರು ಇಡೀ ಮಾನವ ಕುಲಕ್ಕೆ ಸೇರಿದವರು. ಅವರ ವಚನಗಳು ಸರ್ವಕಾಲಿಕ, ಅವುಗಳಲ್ಲಿ ಅಡಗಿರುವ

ಸತ್ಯಗಳು ಸಾರ್ವಕಾಲಿಕವಾದವು. ಅವರು ಜಾತಿ, ಮತ, ಲಿಂಗ ಭೇದಗಳನ್ನು ಮೀರಿ ನಿಂತು, ಎಲ್ಲರೂ ಸಮಾನರು ಎಂಬ ಕ್ರಾಂತಿಕಾರಿ ಕಲ್ಪನೆಯನ್ನು ಸಾರಿದರು ಎಂದರು.

ನಂತರ ಮಾತನಾಡಿದ ಅಖಿಲ ಭಾರತ ವೀರಶೈವ ಲಿಂಗಾಯತ ಮಹಾಸಭಾ ತಾಲೂಕು ಅಧ್ಯಕ್ಷ ಅವರು ಬಸವಣ್ಣನವರು

ಬಸವಣ್ಣನವರು ಹೇಳಿದಂತೆ ಎಲ್ಲರೂ ಸಮಾನರಾಗಿ ಬಾಳಬೇಕು. ಮೇಲು ಕೀಳಿನ ವಿರುದ್ಧ ಹೋರಾಡಿದ ಅವರ ತತ್ವಗಳನ್ನು ಪಾಲಿಸಬೇಕು. ಅಲ್ಲದೆ ಕಾಯಕವೇ ಕೈಲಾಸ ಎಂಬ ಅವರ ಘೋಷಣೆ ಶ್ರಮದ ಮಹತ್ವವನ್ನು ಎತ್ತಿ ಹಿಡಿಯುತ್ತದೆ. ಪ್ರತಿಯೊಬ್ಬ ವ್ಯಕ್ತಿಯೂ ತಮ್ಮ ದುಡಿಮೆಯಿಂದ ಘನತೆಯನ್ನು ಪಡೆಯಬಹುದು ಎಂದು ಅವರು ನಂಬಿದ್ದರು. ಈ ತತ್ವವು ಸೋಮಾರಿತನವನ್ನು ತ್ಯಜಿಸಿ, ಸಕ್ರಿಯ ಜೀವನ ನಡೆಸಲು ನಮಗೆ ಪ್ರೇರಣೆ ನೀಡುತ್ತದೆ.

ಅನುಭವ ಮಂಟಪದ ಸ್ಥಾಪನೆಯ

ಮೂಲಕ ಬಸವಣ್ಣನವರು ಜ್ಞಾನದ ವಿಕೇಂದ್ರೀಕರಣಕ್ಕೆ ಒತ್ತು ನೀಡಿದರು. ಎಲ್ಲಾ ವರ್ಗದ ಜನರು ಒಟ್ಟಿಗೆ ಸೇರಿ ಚರ್ಚಿಸಲು, ಕಲಿಯಲು ಮತ್ತು ತಮ್ಮ ಅಭಿಪ್ರಾಯಗಳನ್ನು ಹಂಚಿಕೊಳ್ಳಲು ಒಂದು ವೇದಿಕೆಯನ್ನು ಅವರು ನಿರ್ಮಿಸಿದರು. ಇದು ಪ್ರಜಾಪ್ರಭುತ್ವದ ತತ್ವಗಳನ್ನು ಬಲಪಡಿಸುವಲ್ಲಿ ಮಹತ್ವದ ಪಾತ್ರ ವಹಿಸಿತು.

ಬಸವಣ್ಣನವರ ವಚನಗಳು ಕೇವಲ ಬೋಧನೆಗಳಾಗಿರಲಿಲ್ಲ, ಅವು ಜೀವನದ ಮಾರ್ಗದರ್ಶನವಾಗಿವೆ. ಪ್ರೀತಿ, ದಯೆ, ಸತ್ಯ, ನ್ಯಾಯ ಮತ್ತು ಸಹನೆಯಂತಹ ಮೌಲ್ಯಗಳನ್ನು ಅವರು ತಮ್ಮ ಜೀವನದಲ್ಲಿ ಅಳವಡಿಸಿಕೊಂಡರು ಮತ್ತು ಇತರರಿಗೂ ಅವುಗಳನ್ನು ಅನುಸರಿಸಲು ಕರೆ ನೀಡಿದರು.

ಈ ಸಂದರ್ಭದಲ್ಲಿ ಉಪಾಧ್ಯಕ್ಷ ಅರುಣ್, ಯುವಘಟಕದ ಅಧ್ಯಕ್ಷ ಚೇತನ್, ಮಹಿಳಾ ಘಟಕದ ಅಧ್ಯಕ್ಷೆ ವಿಜಯ ಸಂತೋಷ್, ಉಮಾಶಂಕರ್, ಜಗನ್ನಾಥ್, ವಿಶ್ವನಾಥ್, ಪ್ರಧಾನ ಕಾರ್ಯದರ್ಶಿ ಬಿಜ್ಜ, ಯೋಗೇಶ್, ಹೆಬ್ಬಾಳು ದಯಾನಂದ್ ಸೇರಿದಂತೆ ಇತರರು ಹಾಜರಿದ್ದರು.

ಈ ವೇಳೆ ಬಂದಂತ ಭಕ್ತಾದಿಗಳಿಗೆ ಅನ್ನದಾನೋತ್ಸವ ಏರ್ಪಡಿಸಲಾಗಿತ್ತು.

ಬಂದಿ ನಿವಾಸಿಗಳು ಉತ್ತಮ ಜೀವನ ರೂಪಿಸಿಕೊಳ್ಳಲು ಕರೆ
ಭೀಮ ವಿಜಯ ನ್ಯೂಸ್

ಹಾಸನ : ಜಿಲ್ಲಾ ಕಾರಾಗೃಹದ ಬಂದಿನಿವಾಸಿಗಳು ವೃತ್ತಿ ತರಬೇತಿ ಪಡೆದು ಕೌಶಲ್ಯ ಭರಿತರಾಗಿ ಉತ್ತಮ ನಡವಳಿಕೆಯಿಂದ ಕಾರಾಗೃಹದಿಂದ ಬಿಡುಗಡೆ ಹೊಂದಿದ ನಂತರ ಉತ್ತಮ ಜೀವನ ರೂಪಿಸಿಕೊಳ್ಳುವಂತೆ ಜಿಲ್ಲಾಧಿಕಾರಿ ಸತ್ಯಭಾಮ ಅವರು ತಿಳಿಸಿದ್ದಾರೆ.

ಜಿಲ್ಲಾಡಳಿತ, ಜಿಲ್ಲಾ ಕಾನೂನು ಸೇವೆಗಳ ಪ್ರಾಧಿಕಾರ, ಜಿಲ್ಲಾ ಕಾರಾಗೃಹ ಹಾಗೂ ಜಿಲ್ಲಾ ಕೌಶಲ್ಯ ಅಭಿವೃದ್ಧಿ ಇಲಾಖೆ ಹಾಸನ ಇವರುಗಳ ಸಂಯುಕ್ತ ಆಶ್ರಯದಲ್ಲಿ ಜಿಲ್ಲಾ ಕಾರಾಗೃಹದಲ್ಲಿ ಏರ್ಪಡಿಸಿದ್ದ ವೃತ್ತಿ ತರಬೇತಿ ಕಾರ್ಯಕ್ರಮ ಉದ್ಘಾಟಿಸಿ ಮಾತನಾಡಿದ ಅವರು ಬಂದಿ ವಾಸಿಗಳು ತಯಾರಿಸುವ

ಪೇಪರ್ ಬ್ಯಾಗ್ ಗಳಿಗೆ ಪ್ರತ್ಯೇಕ ಬ್ರಾಂಡಿಂಗ್ ನೀಡುವುದರ ಜೊತೆಗೆ ಬಂದಿನಿವಾಸಿಗಳು ಆರ್ಥಿಕವಾಗಿ ಸಬಲರಾಗಲು ಅನುಕೂಲ ಕಲ್ಪಿಸಲಾಗುವುದು ಎಂದು ತಿಳಿಸಿದರು. ಹೆಚ್ಚುವರಿ ಪೊಲೀಸ್ ವರಿಷ್ಠಾಧಿಕಾರಿ ವೆಂಕಟೇಶ್ ನಾಯ್ಡು ಅವರು ಮಾತ ನಾಡಿ ವೈಯಕ್ತಿಕ ಸ್ವಾತಂತ್ರ್ಯ ದ ಮಹತ್ವ ಮತ್ತು ಸಮಾಜದಲ್ಲಿ ಮತ್ತೊಮ್ಮೆ ಗೌರವದಿಂದ ತಲೆಯೆತ್ತಿ ಬದುಕುವ ರೀತಿ

ಕಾನೂನಿನಡಿಯಲ್ಲಿ ಜೀವನ ನಡೆಸುವ ವಿಧಾನ ಹಾಗೂ ಕಾರಾಗೃಹದಲ್ಲಿ ಉತ್ತಮ ವ್ಯಕ್ತಿತ್ವವನ್ನು ಹೊಂದಿ ಸಮಾಜದಲ್ಲಿ ಮಾದರಿ ವ್ಯಕ್ತಿಯಾಗಿ ಬದುಕುವುದರ ಕುರಿತು ತಿಳಿಸಿದರು. ಜಿಲ್ಲಾ ಕಾರಾಗೃಹದ ಸಂದರ್ಶಕರ ಮಂಡಳಿಯ ನಾಮ ನಿರ್ದೇಶಿತ ಸದಸ್ಯರಾದ ಉದಯಕುಮಾರ್ ಬಿ.ಆರ್. ಅವರು ಮಾತನಾಡಿ ಬಂದಿನಿವಾಸಿಗಳು ಬದಲಾಗಲು

ನವರ ವಚನಗಳ ಸಾರಾಂಶ ತಿಳಿದುಕೊಂಡು ಉತ್ತಮ ಮಾರ್ಗದಲ್ಲಿ ನಡೆಯುವುದರ ಮೂಲಕ ಜೀವನ ಸಾರ್ಥಕ ಪಡಿಸಿಕೊಳ್ಳಿ ಎಂದು ತಿಳಿಸಿದರು. ಜಂಟಿ ಕೃಷಿ ನಿರ್ದೇಶಕರಾದ ರಮೇಶ್, ಜಿಲ್ಲಾ ಕಾರಾಗೃಹದ ಪ್ರಭಾರಿ ಅಧೀಕ್ಷಕರಾದ ಅಶೀಕಾಹಮದ್ ಈ ಬದ್ರೀಗಲ್, ಜಿಲ್ಲಾ ಕೌಶಲ್ಯ ಭಿವೃದ್ಧಿ ಅಧಿಕಾರಿ ವಿಜಯಲಕ್ಷ್ಮಿ ಉಪಸ್ಥಿತರಿದ್ದರು.
